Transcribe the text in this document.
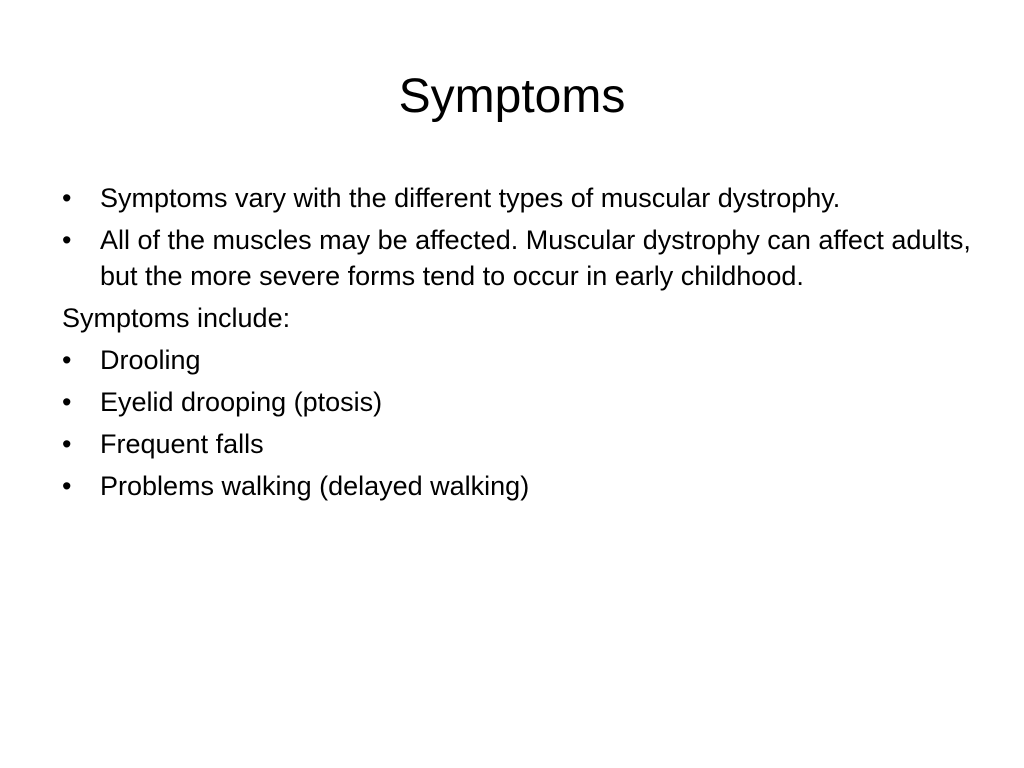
Symptoms
•	Symptoms vary with the different types of muscular dystrophy.
•	All of the muscles may be affected. Muscular dystrophy can affect adults, but the more severe forms tend to occur in early childhood.
Symptoms include:
•	Drooling
•	Eyelid drooping (ptosis)
•	Frequent falls
•	Problems walking (delayed walking)
